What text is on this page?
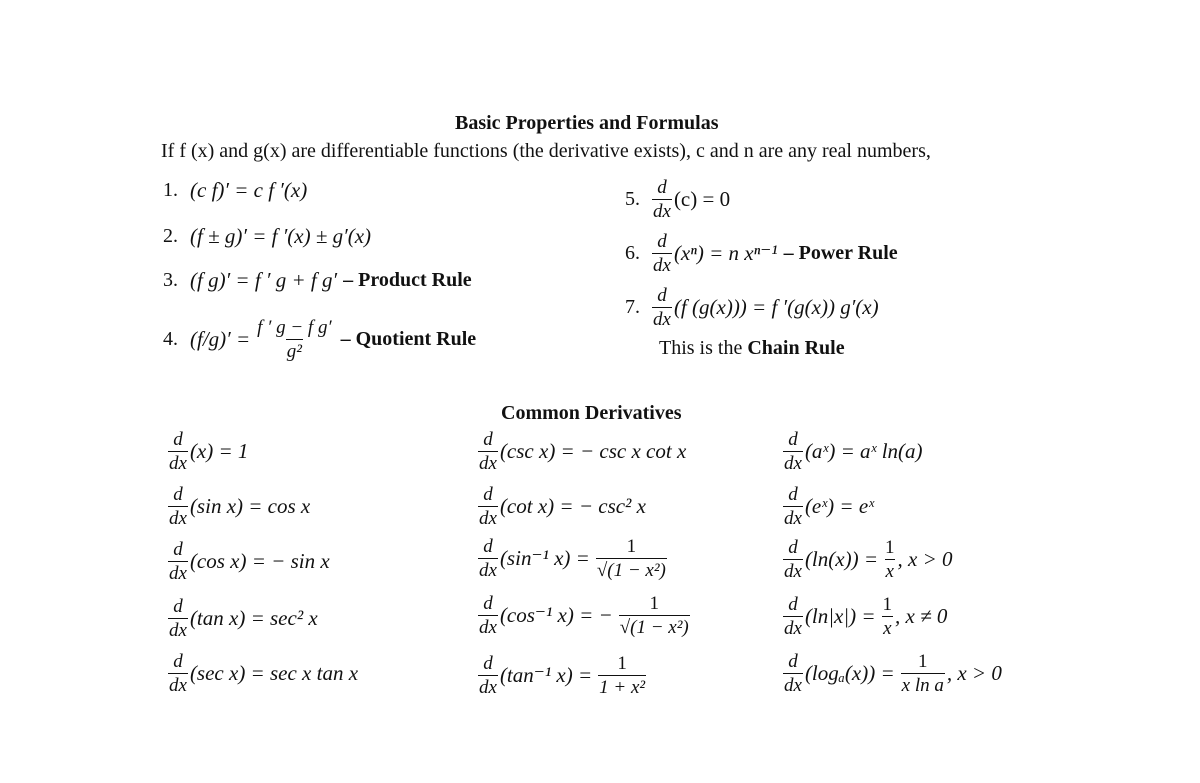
Basic Properties and Formulas
If f (x) and g(x) are differentiable functions (the derivative exists), c and n are any real numbers,
1. (c f)′ = c f ′(x)
2. (f ± g)′ = f ′(x) ± g′(x)
3. (f g)′ = f ′ g + f g′ – Product Rule
4. $(f/g)' = \frac{\text{f ′ g − f g′}}{\text{g²}}$ – Quotient Rule
5. $\frac{d}{dx} (c) = 0$
6. $\frac{d}{dx} (x^n) = n$ xⁿ⁻¹ – Power Rule
7. $\frac{d}{dx} (f$ (g(x))) = f ′(g(x)) g′(x)
This is the Chain Rule
Common Derivatives
$\frac{d}{dx} (x) = 1$
$\frac{d}{dx} (\sin$ x) = cos x
$\frac{d}{dx} (\cos$ x) = − sin x
$\frac{d}{dx} (\tan$ x) = sec² x
$\frac{d}{dx} (\sec$ x) = sec x tan x
$\frac{d}{dx} (\csc$ x) = − csc x cot x
$\frac{d}{dx} (\cot$ x) = − csc² x
$\frac{d}{dx} (\sin^{-1}$ $x) = \frac{1}{\text{√(1 − x²)}}$
$\frac{d}{dx} (\cos^{-1}$ x) = − $\frac{1}{\text{√(1 − x²)}}$
$\frac{d}{dx} (\tan^{-1}$ $x) = \frac{1}{\text{1 + x²}}$
$\frac{d}{dx}$ (aˣ) = aˣ ln(a)
$\frac{d}{dx}$ (eˣ) = eˣ
$\frac{d}{dx} (\ln(x)) = \frac{1}{x}$ , x > 0
$\frac{d}{dx} (\ln|x|) = \frac{1}{x}$ , x ≠ 0
$\frac{d}{dx} (\log_a(x)) = \frac{1}{\text{x ln a}}$ , x > 0
